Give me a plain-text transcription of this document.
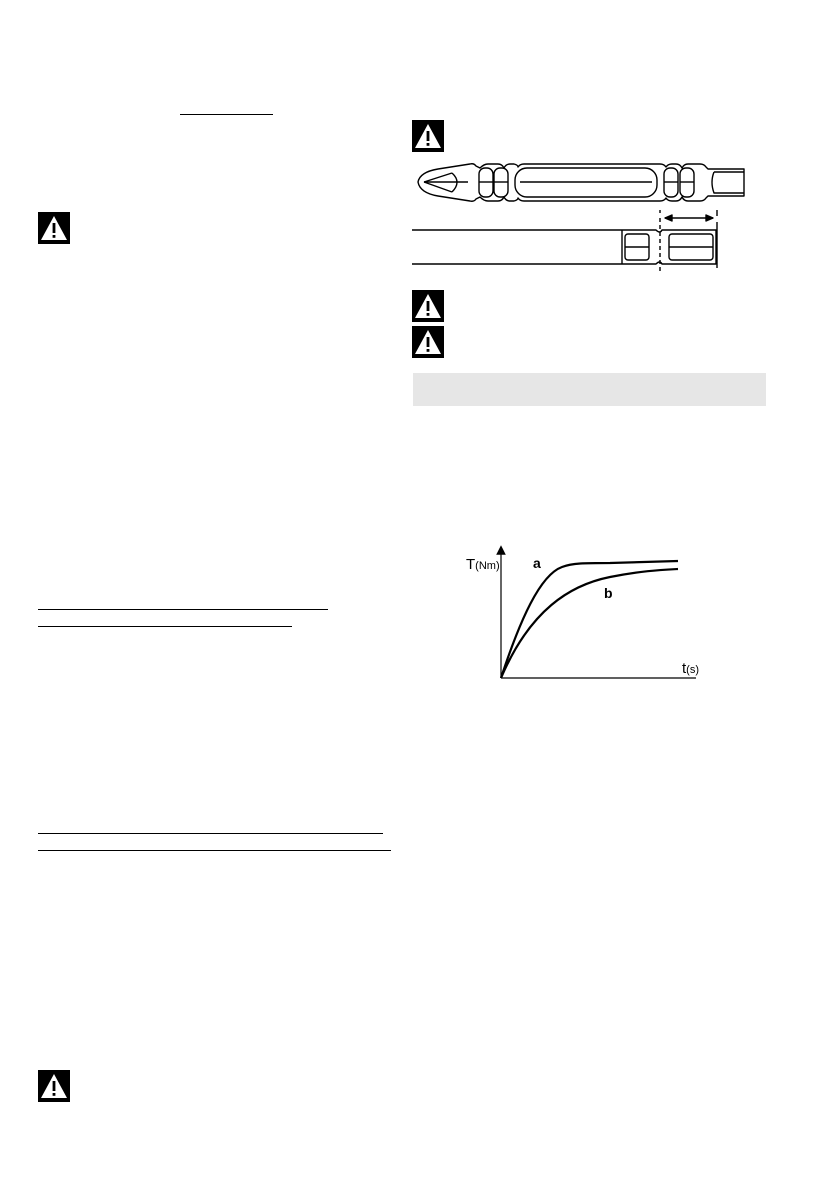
T(Nm) a
b
t(s)
